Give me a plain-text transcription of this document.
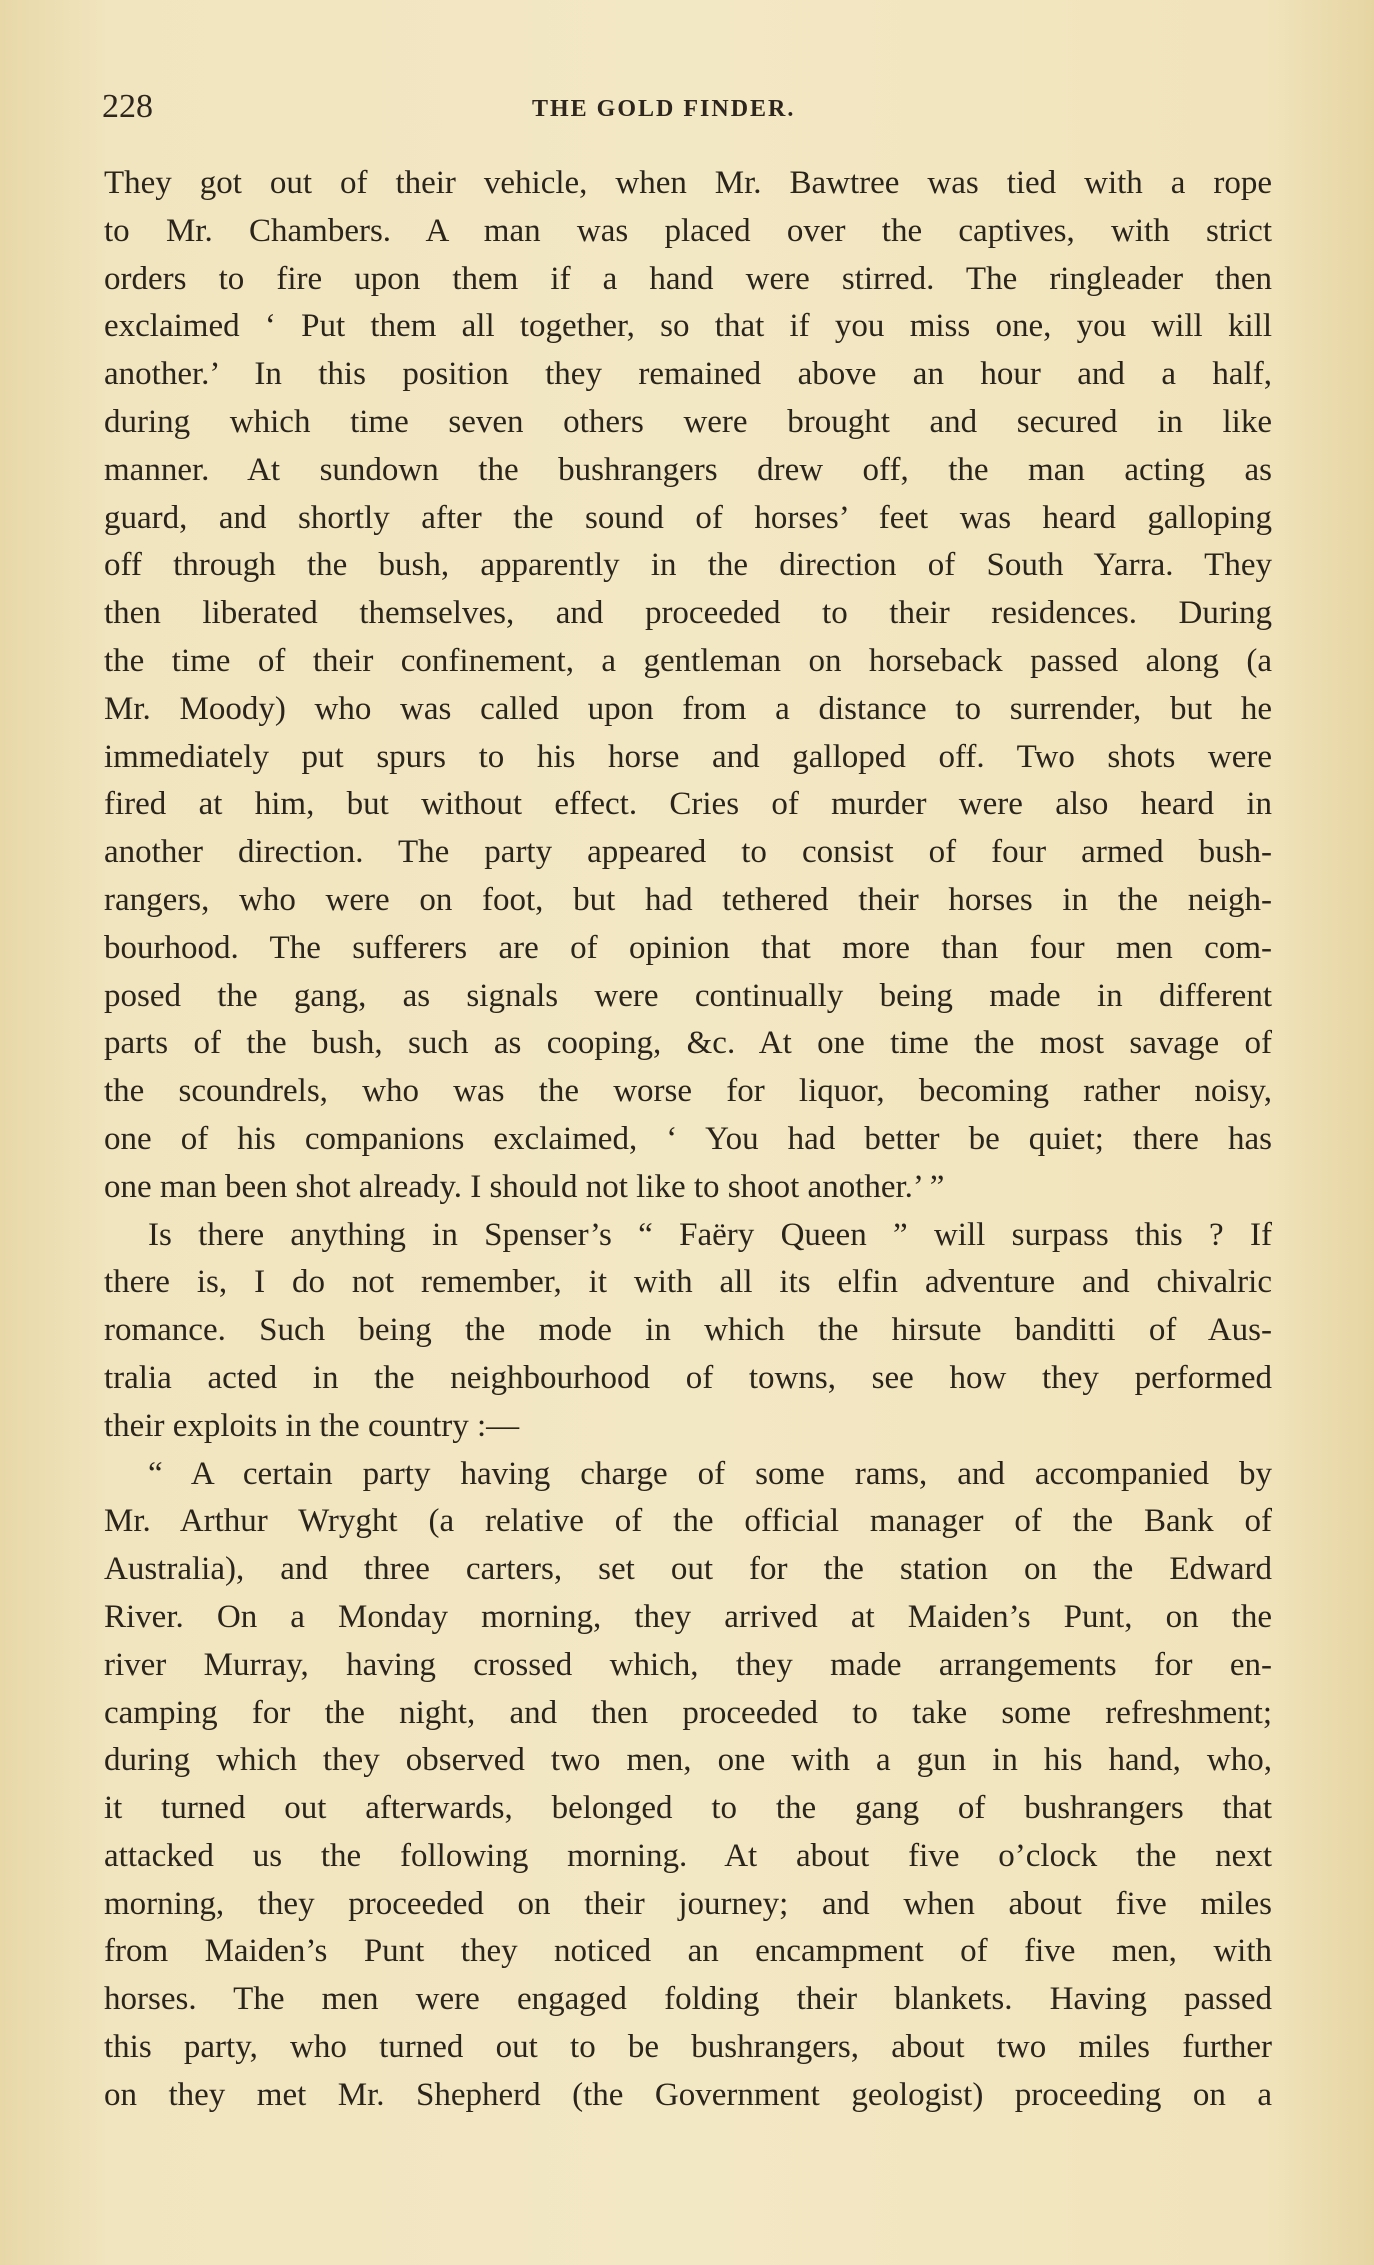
228	THE GOLD FINDER.
They got out of their vehicle, when Mr. Bawtree was tied with a rope
to Mr. Chambers. A man was placed over the captives, with strict
orders to fire upon them if a hand were stirred. The ringleader then
exclaimed ‘ Put them all together, so that if you miss one, you will kill
another.’ In this position they remained above an hour and a half,
during which time seven others were brought and secured in like
manner. At sundown the bushrangers drew off, the man acting as
guard, and shortly after the sound of horses’ feet was heard galloping
off through the bush, apparently in the direction of South Yarra. They
then liberated themselves, and proceeded to their residences. During
the time of their confinement, a gentleman on horseback passed along (a
Mr. Moody) who was called upon from a distance to surrender, but he
immediately put spurs to his horse and galloped off. Two shots were
fired at him, but without effect. Cries of murder were also heard in
another direction. The party appeared to consist of four armed bush-
rangers, who were on foot, but had tethered their horses in the neigh-
bourhood. The sufferers are of opinion that more than four men com-
posed the gang, as signals were continually being made in different
parts of the bush, such as cooping, &c. At one time the most savage of
the scoundrels, who was the worse for liquor, becoming rather noisy,
one of his companions exclaimed, ‘ You had better be quiet; there has
one man been shot already. I should not like to shoot another.’ ”
Is there anything in Spenser’s “ Faëry Queen ” will surpass this ? If
there is, I do not remember, it with all its elfin adventure and chivalric
romance. Such being the mode in which the hirsute banditti of Aus-
tralia acted in the neighbourhood of towns, see how they performed
their exploits in the country :—
“ A certain party having charge of some rams, and accompanied by
Mr. Arthur Wryght (a relative of the official manager of the Bank of
Australia), and three carters, set out for the station on the Edward
River. On a Monday morning, they arrived at Maiden’s Punt, on the
river Murray, having crossed which, they made arrangements for en-
camping for the night, and then proceeded to take some refreshment;
during which they observed two men, one with a gun in his hand, who,
it turned out afterwards, belonged to the gang of bushrangers that
attacked us the following morning. At about five o’clock the next
morning, they proceeded on their journey; and when about five miles
from Maiden’s Punt they noticed an encampment of five men, with
horses. The men were engaged folding their blankets. Having passed
this party, who turned out to be bushrangers, about two miles further
on they met Mr. Shepherd (the Government geologist) proceeding on a
